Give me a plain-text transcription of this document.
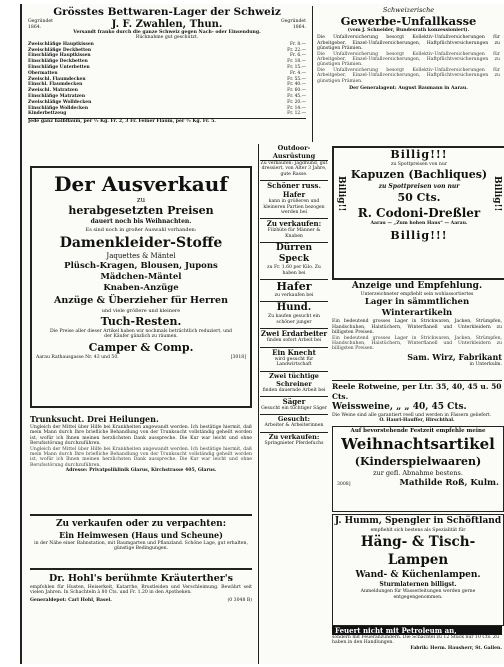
Grösstes Bettwaren-Lager der Schweiz
Gegründet 1864.	J. F. Zwahlen, Thun.	Gegründet 1864.
Versandt franko durch die ganze Schweiz gegen Nach- oder Einsendung.
Rücknahme gut geschützt.
Zweischläfige Hauptkissen	Fr. 8.—
Zweischläfige Deckbetten	Fr. 22.—
Einschläfige Hauptkissen	Fr. 6.—
Einschläfige Deckbetten	Fr. 18.—
Einschläfige Unterbetten	Fr. 15.—
Obermatten	Fr. 4.—
Zweischl. Flaumdecken	Fr. 55.—
Einschl. Flaumdecken	Fr. 40.—
Zweischl. Matratzen	Fr. 60.—
Einschläfige Matratzen	Fr. 45.—
Zweischläfige Wolldecken	Fr. 20.—
Einschläfige Wolldecken	Fr. 14.—
Kinderbettzeug	Fr. 12.—
Jede ganz halbflaum, per ½ Kg. Fr. 2, 3 Fr. Feiner Flaum, per ½ Kg. Fr. 5.
Der Ausverkauf
zu
herabgesetzten Preisen
dauert noch bis Weihnachten.
Es sind noch in großer Auswahl vorhanden:
Damenkleider-Stoffe
Jaquettes & Mäntel
Plüsch-Kragen, Blousen, Jupons
Mädchen-Mäntel
Knaben-Anzüge
Anzüge & Überzieher für Herren
und viele größere und kleinere
Tuch-Resten.
Die Preise aller dieser Artikel haben wir nochmals beträchtlich reduziert, und der Käufer gänzlich zu räumen.
Camper & Comp.
Aarau Rathausgasse Nr. 43 und 50.	[3018]
Trunksucht. Drei Heilungen.
Ungleich der Mittel über Hilfe bei Krankheiten angewandt werden. Ich bestätige hiermit, daß mein Mann durch Ihre briefliche Behandlung von der Trunksucht vollständig geheilt worden ist, wofür ich Ihnen meinen herzlichsten Dank ausspreche. Die Kur war leicht und ohne Berufsstörung durchzuführen.
Ungleich der Mittel über Hilfe bei Krankheiten angewandt werden. Ich bestätige hiermit, daß mein Mann durch Ihre briefliche Behandlung von der Trunksucht vollständig geheilt worden ist, wofür ich Ihnen meinen herzlichsten Dank ausspreche. Die Kur war leicht und ohne Berufsstörung durchzuführen.
Adresse: Privatpoliklinik Glarus, Kirchstrasse 405, Glarus.
Zu verkaufen oder zu verpachten:
Ein Heimwesen (Haus und Scheune)
in der Nähe einer Bahnstation, mit Baumgarten und Pflanzland. Schöne Lage, gut erhalten, günstige Bedingungen.
Dr. Hohl's berühmte Kräuterther's
empfohlen für Husten, Heiserkeit, Katarrhe, Brustleiden und Verschleimung. Bewährt seit vielen Jahren. In Schachteln à 80 Cts. und Fr. 1.20 in den Apotheken.
Generaldepot: Carl Hohl, Basel.	(0 3048 B)
Schweizerische
Gewerbe-Unfallkasse
(vom J. Schneider, Bundesrath konzessioniert).
Die Unfallversicherung besorgt Kollektiv-Unfallversicherungen für Arbeitgeber, Einzel-Unfallversicherungen, Haftpflichtversicherungen zu günstigen Prämien.
Die Unfallversicherung besorgt Kollektiv-Unfallversicherungen für Arbeitgeber, Einzel-Unfallversicherungen, Haftpflichtversicherungen zu günstigen Prämien.
Die Unfallversicherung besorgt Kollektiv-Unfallversicherungen für Arbeitgeber, Einzel-Unfallversicherungen, Haftpflichtversicherungen zu günstigen Prämien.
Der Generalagent: August Baumann in Aarau.
Outdoor-Ausrüstung
Zu verkaufen: Jagdhund, gut dressiert, von Alter 3 Jahre, gute Rasse.
Schöner russ. Hafer
kann in größeren und kleineren Partien bezogen werden bei
Zu verkaufen:
Filzhüte für Männer & Knaben
Dürren Speck
zu Fr. 1.60 per Kilo. Zu haben bei
Hafer
zu verkaufen bei
Hund.
Zu kaufen gesucht ein schöner junger
Zwei Erdarbeiter
finden sofort Arbeit bei
Ein Knecht
wird gesucht für Landwirtschaft
Zwei tüchtige Schreiner
finden dauernde Arbeit bei
Säger
Gesucht ein tüchtiger Säger
Gesucht:
Arbeiter & Arbeiterinnen
Zu verkaufen:
Springnieter Pferdefuchs
Billig!!	Billig!!
Billig!!!
zu Spottpreisen von nur
Kapuzen (Bachliques)
zu Spottpreisen von nur
50 Cts.
R. Codoni-Dreßler
Aarau — „Zum hohen Haus“ — Aarau.
Billig!!!
Anzeige und Empfehlung.
Unterzeichneter empfiehlt sein wohlassortiertes
Lager in sämmtlichen Winterartikeln
Ein bedeutend grosses Lager in Strickwaren, Jacken, Strümpfen, Handschuhen, Halstüchern, Winterflanell und Unterkleidern zu billigsten Preisen.
Ein bedeutend grosses Lager in Strickwaren, Jacken, Strümpfen, Handschuhen, Halstüchern, Winterflanell und Unterkleidern zu billigsten Preisen.
Sam. Wirz, Fabrikant
in Unterkulm.
Reele Rotweine, per Ltr. 35, 40, 45 u. 50 Cts.
Weissweine, „ „ 40, 45 Cts.
Die Weine sind alle garantiert reell und werden in Fässern geliefert.
O. Hauri-Hauffer, Hirschthal.
Auf bevorstehende Festzeit empfehle meine
Weihnachtsartikel
(Kinderspielwaaren)
zur gefl. Abnahme bestens.
3008]	Mathilde Roß, Kulm.
J. Humm, Spengler in Schöftland
empfiehlt sich bestens als Spezialität für
Häng- & Tisch-Lampen
Wand- & Küchenlampen.
Sturmlaternen billigst.
Anmeldungen für Wasserleitungen werden gerne entgegengenommen.
Feuert nicht mit Petroleum an,
sondern mit Feueranzündern. Die Schachtel zu 12 Stück nur 10 Cts. Zu haben in den Handlungen.
Fabrik: Herm. Hausherr, St. Gallen.
